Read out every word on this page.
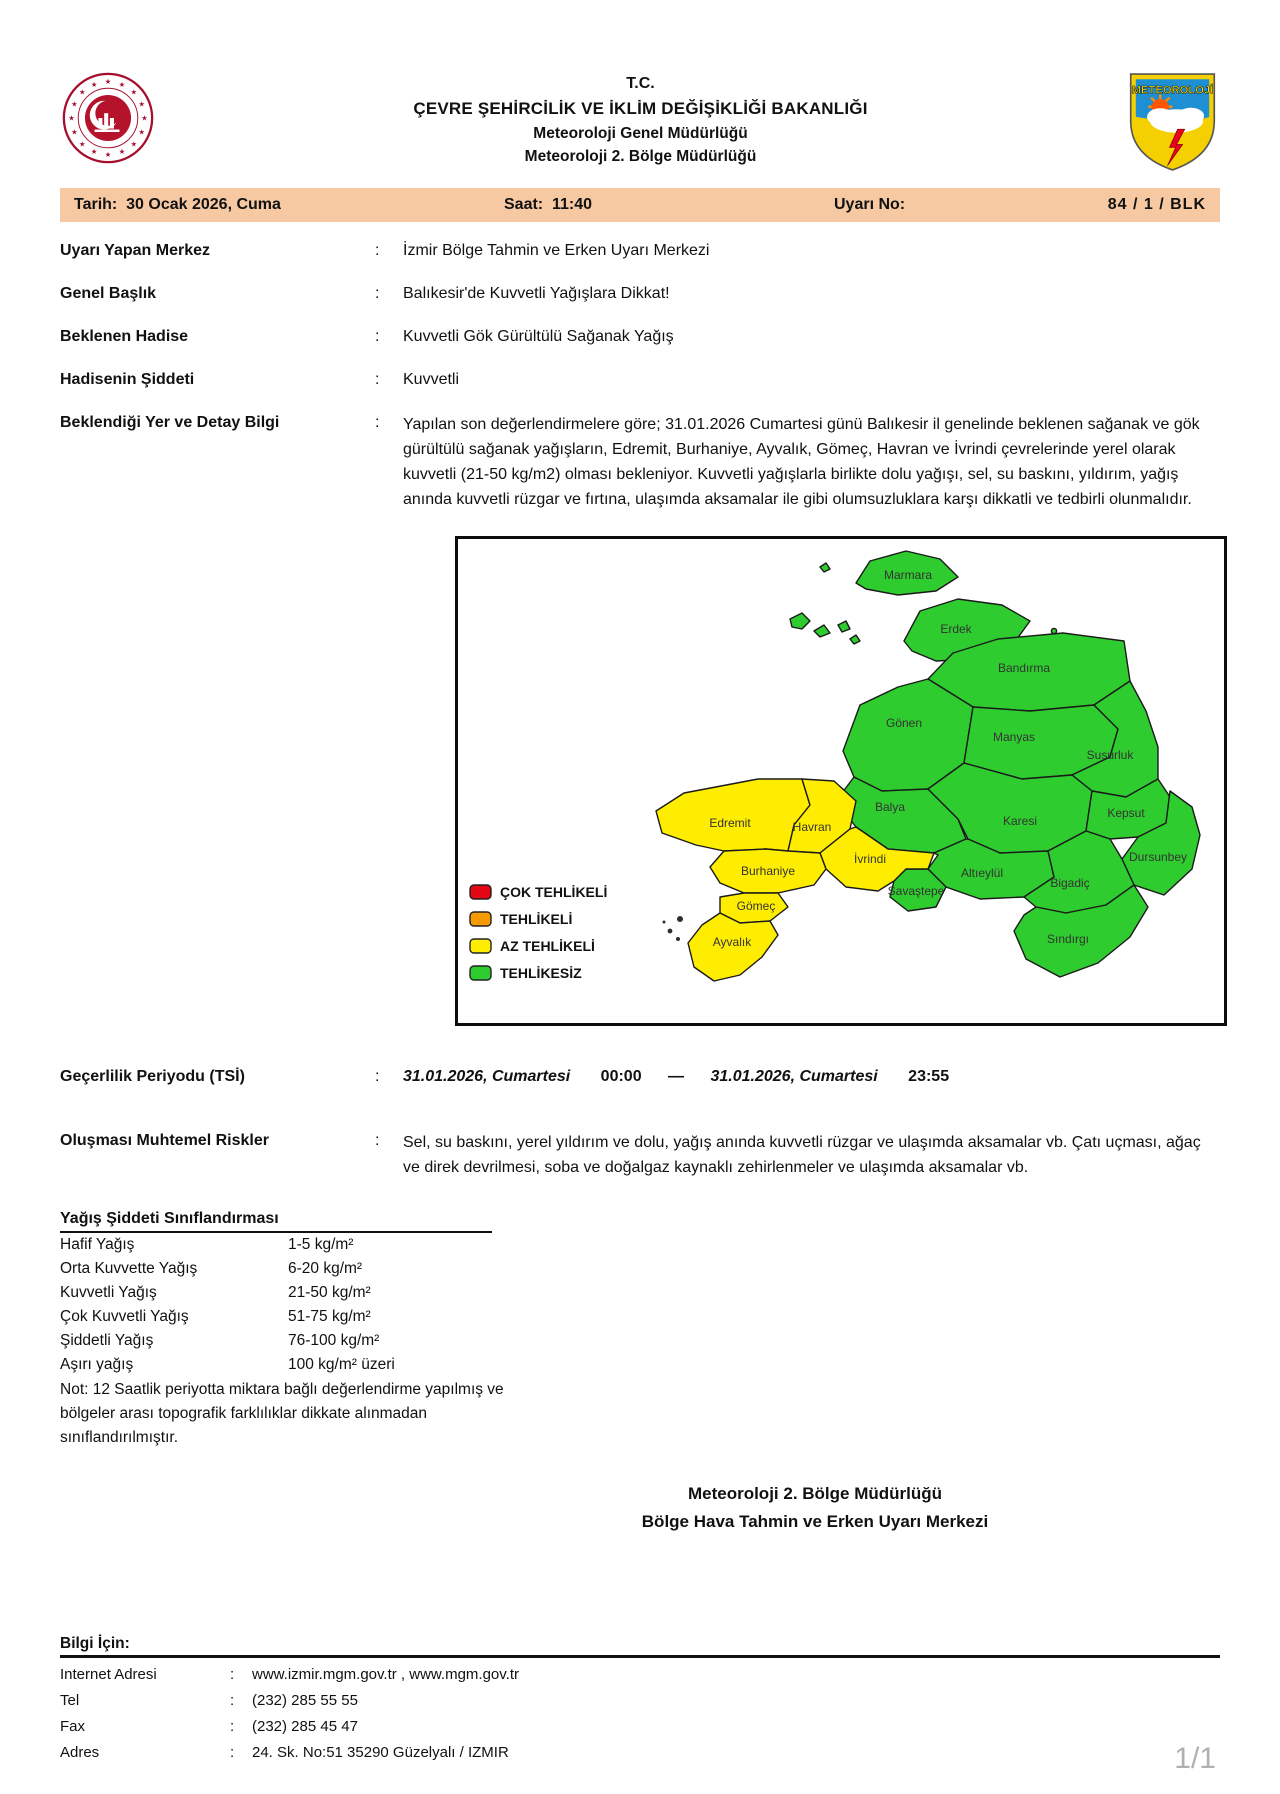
★ ★
★
★
★
★
★
★
★
★
★
★
★
★
★
★	T.C.
ÇEVRE ŞEHİRCİLİK VE İKLİM DEĞİŞİKLİĞİ BAKANLIĞI
Meteoroloji Genel Müdürlüğü
Meteoroloji 2. Bölge Müdürlüğü
METEOROLOJİ
Tarih: 30 Ocak 2026, Cuma	Saat: 11:40	Uyarı No:	84 / 1 / BLK
Uyarı Yapan Merkez	:	İzmir Bölge Tahmin ve Erken Uyarı Merkezi
Genel Başlık	:	Balıkesir'de Kuvvetli Yağışlara Dikkat!
Beklenen Hadise	:	Kuvvetli Gök Gürültülü Sağanak Yağış
Hadisenin Şiddeti	:	Kuvvetli
Beklendiği Yer ve Detay Bilgi	:	Yapılan son değerlendirmelere göre; 31.01.2026 Cumartesi günü Balıkesir il genelinde beklenen sağanak ve gök gürültülü sağanak yağışların, Edremit, Burhaniye, Ayvalık, Gömeç, Havran ve İvrindi çevrelerinde yerel olarak kuvvetli (21-50 kg/m2) olması bekleniyor. Kuvvetli yağışlarla birlikte dolu yağışı, sel, su baskını, yıldırım, yağış anında kuvvetli rüzgar ve fırtına, ulaşımda aksamalar ile gibi olumsuzluklara karşı dikkatli ve tedbirli olunmalıdır.
Marmara
Erdek
Bandırma
Gönen
Manyas
Susurluk
Balya
Karesi
Kepsut
Dursunbey
Altıeylül
Bigadiç
Sındırgı
Savaştepe
Edremit	Havran
İvrindi
Burhaniye
Gömeç
Ayvalık
ÇOK TEHLİKELİ
TEHLİKELİ
AZ TEHLİKELİ
TEHLİKESİZ
Geçerlilik Periyodu (TSİ)	:	31.01.2026, Cumartesi 00:00 — 31.01.2026, Cumartesi 23:55
Oluşması Muhtemel Riskler	:	Sel, su baskını, yerel yıldırım ve dolu, yağış anında kuvvetli rüzgar ve ulaşımda aksamalar vb. Çatı uçması, ağaç ve direk devrilmesi, soba ve doğalgaz kaynaklı zehirlenmeler ve ulaşımda aksamalar vb.
Yağış Şiddeti Sınıflandırması
Hafif Yağış	1-5 kg/m²
Orta Kuvvette Yağış	6-20 kg/m²
Kuvvetli Yağış	21-50 kg/m²
Çok Kuvvetli Yağış	51-75 kg/m²
Şiddetli Yağış	76-100 kg/m²
Aşırı yağış	100 kg/m² üzeri
Not: 12 Saatlik periyotta miktara bağlı değerlendirme yapılmış ve bölgeler arası topografik farklılıklar dikkate alınmadan sınıflandırılmıştır.
Meteoroloji 2. Bölge Müdürlüğü
Bölge Hava Tahmin ve Erken Uyarı Merkezi
Bilgi İçin:
Internet Adresi	:	www.izmir.mgm.gov.tr , www.mgm.gov.tr
Tel	:	(232) 285 55 55
Fax	:	(232) 285 45 47
Adres	:	24. Sk. No:51 35290 Güzelyalı / IZMIR	1/1
